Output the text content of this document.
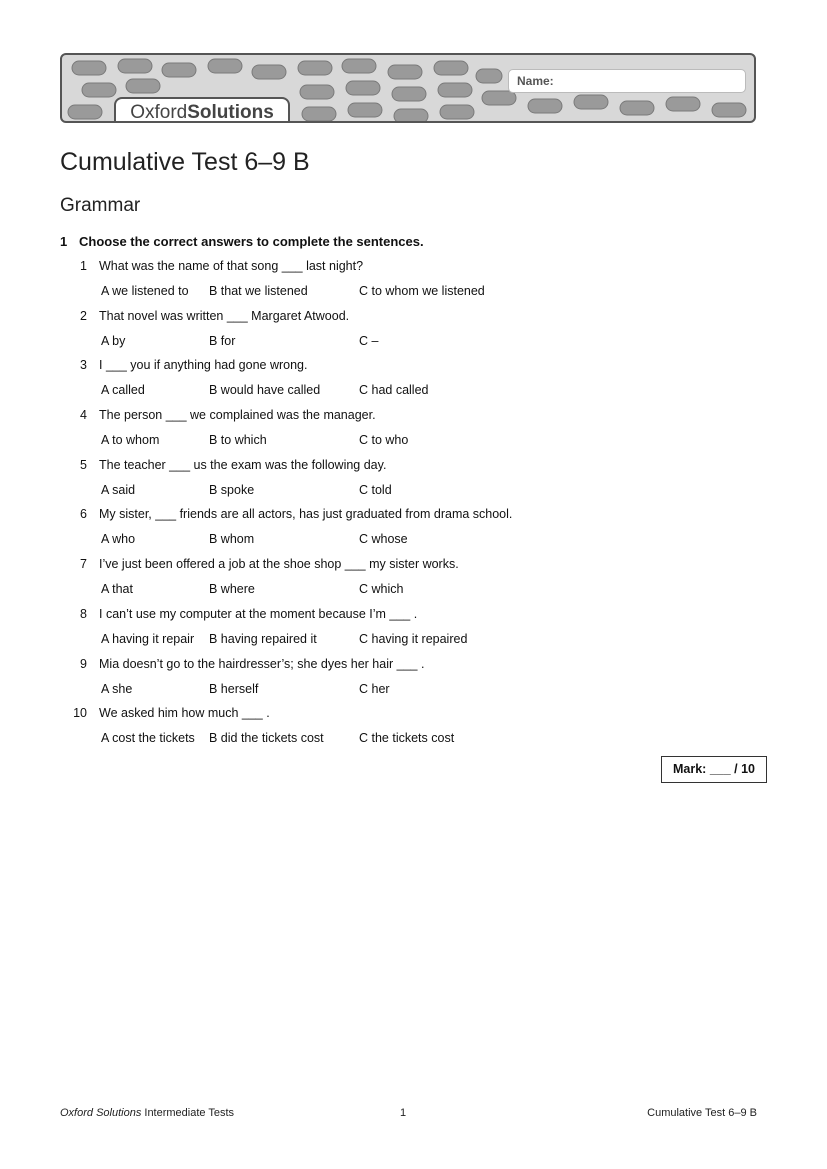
Name:
OxfordSolutions
Cumulative Test 6–9 B
Grammar
1 Choose the correct answers to complete the sentences.
1 What was the name of that song ___ last night?
A we listened to B that we listened	C to whom we listened
2 That novel was written ___ Margaret Atwood.
A by	B for	C –
3 I ___ you if anything had gone wrong.
A called	B would have called	C had called
4 The person ___ we complained was the manager.
A to whom	B to which	C to who
5 The teacher ___ us the exam was the following day.
A said	B spoke	C told
6 My sister, ___ friends are all actors, has just graduated from drama school.
A who	B whom	C whose
7 I’ve just been offered a job at the shoe shop ___ my sister works.
A that	B where	C which
8 I can’t use my computer at the moment because I’m ___ .
A having it repair B having repaired it	C having it repaired
9 Mia doesn’t go to the hairdresser’s; she dyes her hair ___ .
A she	B herself	C her
10 We asked him how much ___ .
A cost the tickets B did the tickets cost	C the tickets cost
Mark: ___ / 10
Oxford Solutions Intermediate Tests	1	Cumulative Test 6–9 B
